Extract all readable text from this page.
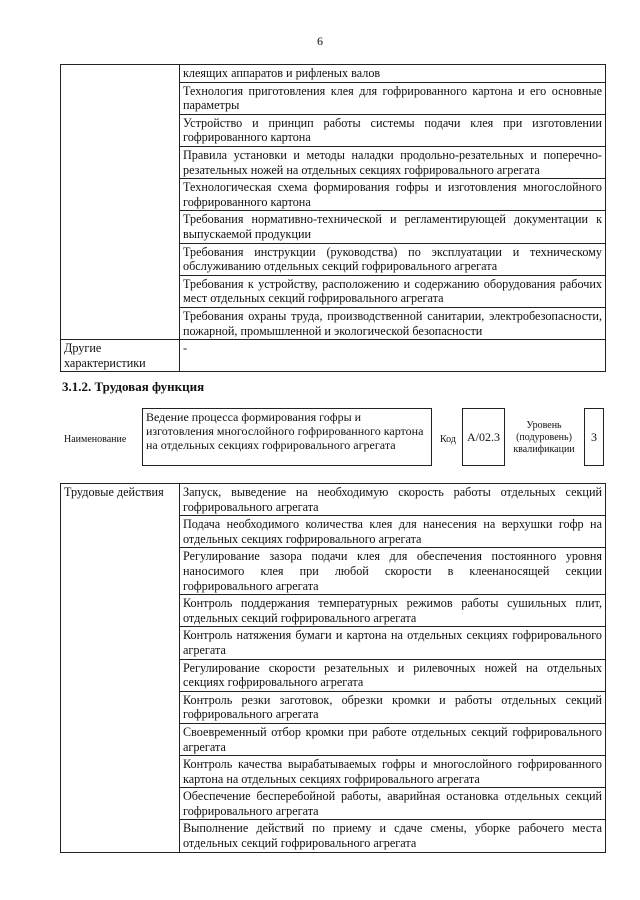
6
	клеящих аппаратов и рифленых валов
	Технология приготовления клея для гофрированного картона и его основные параметры
	Устройство и принцип работы системы подачи клея при изготовлении гофрированного картона
	Правила установки и методы наладки продольно-резательных и поперечно-резательных ножей на отдельных секциях гофрировального агрегата
	Технологическая схема формирования гофры и изготовления многослойного гофрированного картона
	Требования нормативно-технической и регламентирующей документации к выпускаемой продукции
	Требования инструкции (руководства) по эксплуатации и техническому обслуживанию отдельных секций гофрировального агрегата
	Требования к устройству, расположению и содержанию оборудования рабочих мест отдельных секций гофрировального агрегата
	Требования охраны труда, производственной санитарии, электробезопасности, пожарной, промышленной и экологической безопасности
Другие характеристики	-
3.1.2. Трудовая функция
Наименование
Ведение процесса формирования гофры и изготовления многослойного гофрированного картона на отдельных секциях гофрировального агрегата	Код А/02.3
Уровень (подуровень) квалификации
3
Трудовые действия	Запуск, выведение на необходимую скорость работы отдельных секций гофрировального агрегата
Подача необходимого количества клея для нанесения на верхушки гофр на отдельных секциях гофрировального агрегата
Регулирование зазора подачи клея для обеспечения постоянного уровня наносимого клея при любой скорости в клеенаносящей секции гофрировального агрегата
Контроль поддержания температурных режимов работы сушильных плит, отдельных секций гофрировального агрегата
Контроль натяжения бумаги и картона на отдельных секциях гофрировального агрегата
Регулирование скорости резательных и рилевочных ножей на отдельных секциях гофрировального агрегата
Контроль резки заготовок, обрезки кромки и работы отдельных секций гофрировального агрегата
Своевременный отбор кромки при работе отдельных секций гофрировального агрегата
Контроль качества вырабатываемых гофры и многослойного гофрированного картона на отдельных секциях гофрировального агрегата
Обеспечение бесперебойной работы, аварийная остановка отдельных секций гофрировального агрегата
Выполнение действий по приему и сдаче смены, уборке рабочего места отдельных секций гофрировального агрегата
